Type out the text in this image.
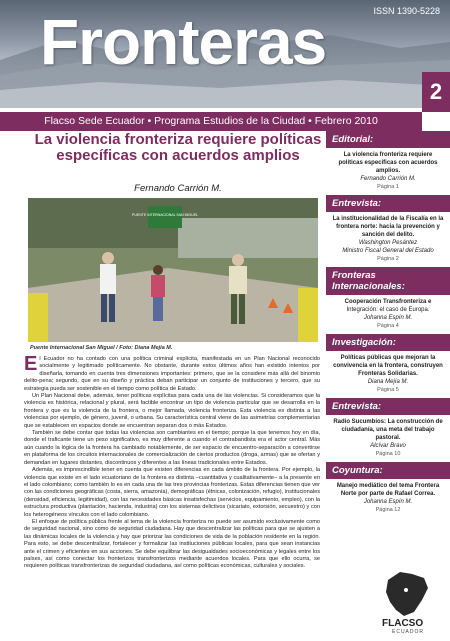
ISSN 1390-5228
Fronteras
2
Flacso Sede Ecuador • Programa Estudios de la Ciudad • Febrero 2010
La violencia fronteriza requiere políticas específicas con acuerdos amplios
Fernando Carrión M.
PUENTE INTERNACIONAL SAN MIGUEL
Puente Internacional San Miguel / Foto: Diana Mejía M.

El Ecuador no ha contado con una política criminal explícita, manifestada en un Plan Nacional reconocido socialmente y legitimado políticamente. No obstante, durante estos últimos años han existido intentos por diseñarla, tomando en cuenta tres dimensiones importantes: primero, que se la considere más allá del binomio delito-pena; segundo, que en su diseño y práctica deban participar un conjunto de instituciones y tercero, que su estrategia pueda ser sostenible en el tiempo como política de Estado.

Un Plan Nacional debe, además, tener políticas explícitas para cada una de las violencias. Si consideramos que la violencia es histórica, relacional y plural, será factible encontrar un tipo de violencia particular que se desarrolla en la frontera y que es la violencia de la frontera, o mejor llamada, violencia fronteriza. Esta violencia es distinta a las violencias por ejemplo, de género, juvenil, o urbana. Su característica central viene de las asimetrías complementarias que se establecen en espacios donde se encuentran separan dos o más Estados.

También se debe contar que todas las violencias son cambiantes en el tiempo; porque la que tenemos hoy en día, donde el traficante tiene un peso significativo, es muy diferente a cuando el contrabandista era el actor central. Más aún cuando la lógica de la frontera ha cambiado notablemente, de ser espacio de encuentro-separación a convertirse en plataforma de los circuitos internacionales de comercialización de ciertos productos (droga, armas) que se ofertan y demandan en lugares distantes, discontinuos y diferentes a las líneas tradicionales entre Estados.

Además, es imprescindible tener en cuenta que existen diferencias en cada ámbito de la frontera. Por ejemplo, la violencia que existe en el lado ecuatoriano de la frontera es distinta –cuantitativa y cualitativamente– a la presente en el lado colombiano; como también lo es en cada una de las tres provincias fronterizas. Estas diferencias tienen que ver con las condiciones geográficas (costa, sierra, amazonía), demográficas (étnicas, colonización, refugio), institucionales (densidad, eficiencia, legitimidad), con las necesidades básicas insatisfechas (servicios, equipamiento, empleo), con la estructura productiva (plantación, hacienda, industria) con los sistemas delictivos (sicariato, extorsión, secuestro) y con los heterogéneos vínculos con el lado colombiano.

El enfoque de política pública frente al tema de la violencia fronteriza no puede ser asumido exclusivamente como de seguridad nacional, sino como de seguridad ciudadana. Hay que descentralizar las políticas para que se ajusten a las dinámicas locales de la violencia y hay que priorizar las condiciones de vida de la población residente en la región. Para esto, se debe descentralizar, fortalecer y formalizar las instituciones públicas locales, para que sean instancias ante el crimen y eficientes en sus acciones. Se debe equilibrar las desigualdades socioeconómicas y legales entre los países, así como conectar los fronterizos transfronterizos mediante acuerdos locales. Para que ello ocurra, se requieren políticas transfronterizas de seguridad ciudadana, así como políticas económicas, culturales y sociales.

Editorial:
La violencia fronteriza requiere políticas específicas con acuerdos amplios.
Fernando Carrión M.
Página 1
Entrevista:
La institucionalidad de la Fiscalía en la frontera norte: hacia la prevención y sanción del delito.
Washington Pesántez
Ministro Fiscal General del Estado
Página 2
Fronteras Internacionales:
Cooperación Transfronteriza e
Integración: el caso de Europa.
Johanna Espín M.
Página 4
Investigación:
Políticas públicas que mejoran la convivencia en la frontera, construyen Fronteras Solidarias.
Diana Mejía M.
Página 5
Entrevista:
Radio Sucumbíos: La construcción de ciudadanía, una meta del trabajo pastoral.
Alcívar Bravo
Página 10
Coyuntura:
Manejo mediático del tema Frontera Norte por parte de Rafael Correa.
Johanna Espín M.
Página 12
FLACSO
ECUADOR
